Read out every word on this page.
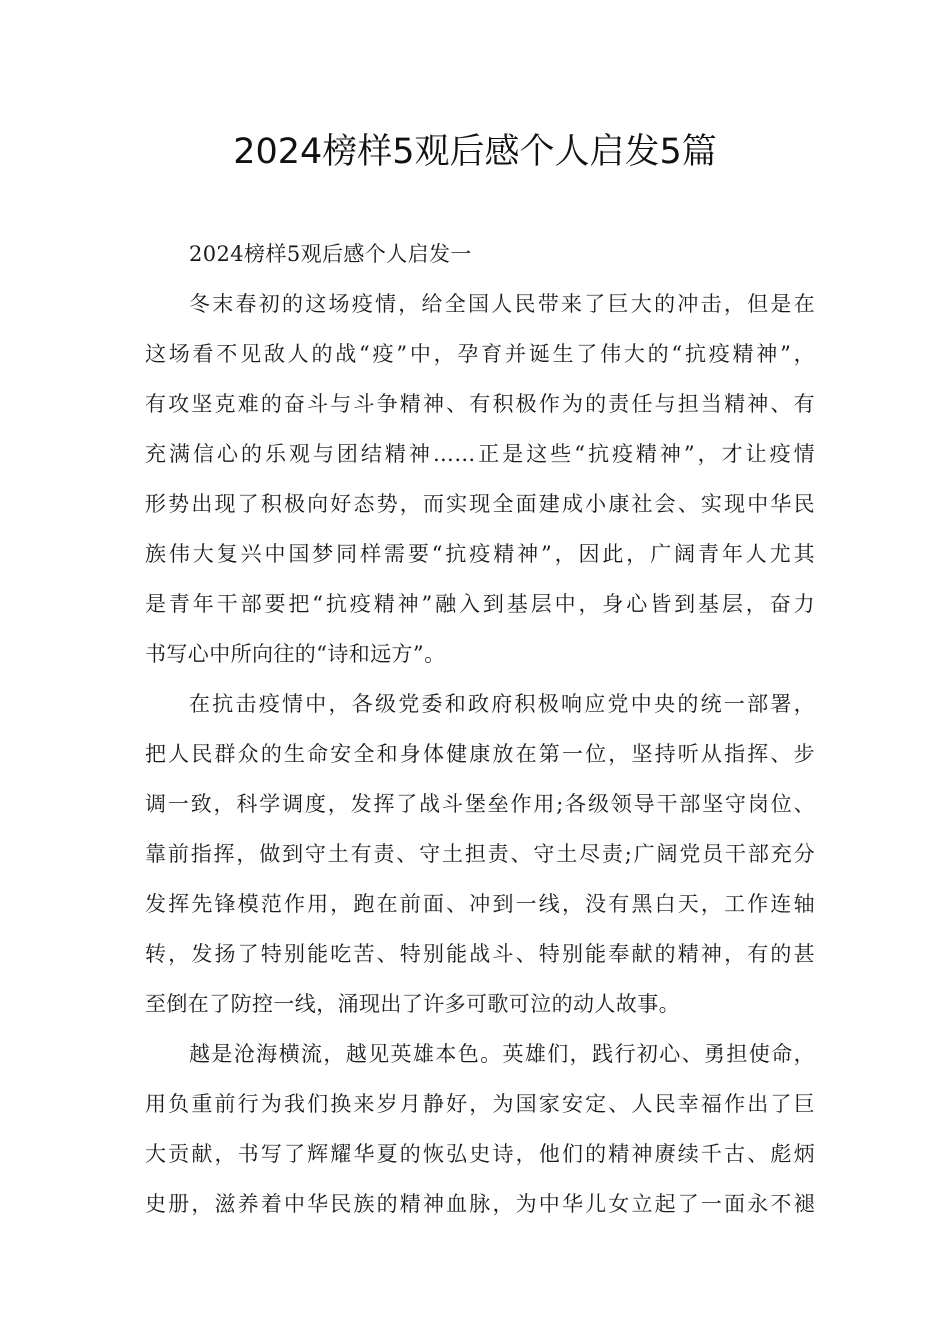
2024榜样5观后感个人启发5篇
2024榜样5观后感个人启发一
冬末春初的这场疫情，给全国人民带来了巨大的冲击，但是在
这场看不见敌人的战“疫”中，孕育并诞生了伟大的“抗疫精神”，
有攻坚克难的奋斗与斗争精神、有积极作为的责任与担当精神、有
充满信心的乐观与团结精神……正是这些“抗疫精神”，才让疫情
形势出现了积极向好态势，而实现全面建成小康社会、实现中华民
族伟大复兴中国梦同样需要“抗疫精神”，因此，广阔青年人尤其
是青年干部要把“抗疫精神”融入到基层中，身心皆到基层，奋力
书写心中所向往的“诗和远方”。
在抗击疫情中，各级党委和政府积极响应党中央的统一部署，
把人民群众的生命安全和身体健康放在第一位，坚持听从指挥、步
调一致，科学调度，发挥了战斗堡垒作用;各级领导干部坚守岗位、
靠前指挥，做到守土有责、守土担责、守土尽责;广阔党员干部充分
发挥先锋模范作用，跑在前面、冲到一线，没有黑白天，工作连轴
转，发扬了特别能吃苦、特别能战斗、特别能奉献的精神，有的甚
至倒在了防控一线，涌现出了许多可歌可泣的动人故事。
越是沧海横流，越见英雄本色。英雄们，践行初心、勇担使命，
用负重前行为我们换来岁月静好，为国家安定、人民幸福作出了巨
大贡献，书写了辉耀华夏的恢弘史诗，他们的精神赓续千古、彪炳
史册，滋养着中华民族的精神血脉，为中华儿女立起了一面永不褪
